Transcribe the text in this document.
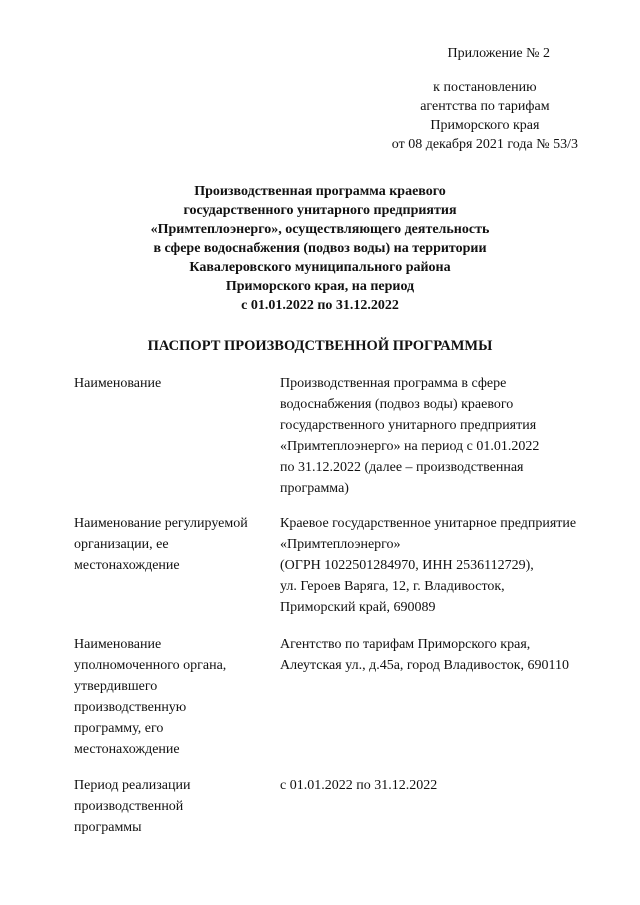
Приложение № 2
к постановлению
агентства по тарифам
Приморского края
от 08 декабря 2021 года № 53/3
Производственная программа краевого
государственного унитарного предприятия
«Примтеплоэнерго», осуществляющего деятельность
в сфере водоснабжения (подвоз воды) на территории
Кавалеровского муниципального района
Приморского края, на период
с 01.01.2022 по 31.12.2022
ПАСПОРТ ПРОИЗВОДСТВЕННОЙ ПРОГРАММЫ
Наименование	Производственная программа в сфере
водоснабжения (подвоз воды) краевого
государственного унитарного предприятия
«Примтеплоэнерго» на период с 01.01.2022
по 31.12.2022 (далее – производственная
программа)
Наименование регулируемой
организации, ее
местонахождение
Краевое государственное унитарное предприятие
«Примтеплоэнерго»
(ОГРН 1022501284970, ИНН 2536112729),
ул. Героев Варяга, 12, г. Владивосток,
Приморский край, 690089
Наименование
уполномоченного органа,
утвердившего
производственную
программу, его
местонахождение
Агентство по тарифам Приморского края,
Алеутская ул., д.45а, город Владивосток, 690110
Период реализации
производственной
программы
с 01.01.2022 по 31.12.2022
